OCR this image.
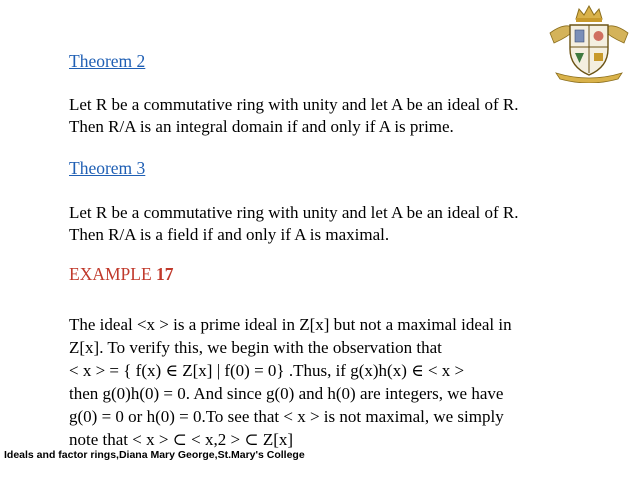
Theorem 2
Let R be a commutative ring with unity and let A be an ideal of R.
Then R/A is an integral domain if and only if A is prime.
Theorem 3
Let R be a commutative ring with unity and let A be an ideal of R.
Then R/A is a field if and only if A is maximal.
EXAMPLE 17
The ideal <x > is a prime ideal in Z[x] but not a maximal ideal in
Z[x]. To verify this, we begin with the observation that
< x > = { f(x) ∈ Z[x] | f(0) = 0} .Thus, if g(x)h(x) ∈ < x >
then g(0)h(0) = 0. And since g(0) and h(0) are integers, we have
g(0) = 0 or h(0) = 0.To see that < x > is not maximal, we simply
note that < x > ⊂ < x,2 > ⊂ Z[x]
Ideals and factor rings,Diana Mary George,St.Mary's College
